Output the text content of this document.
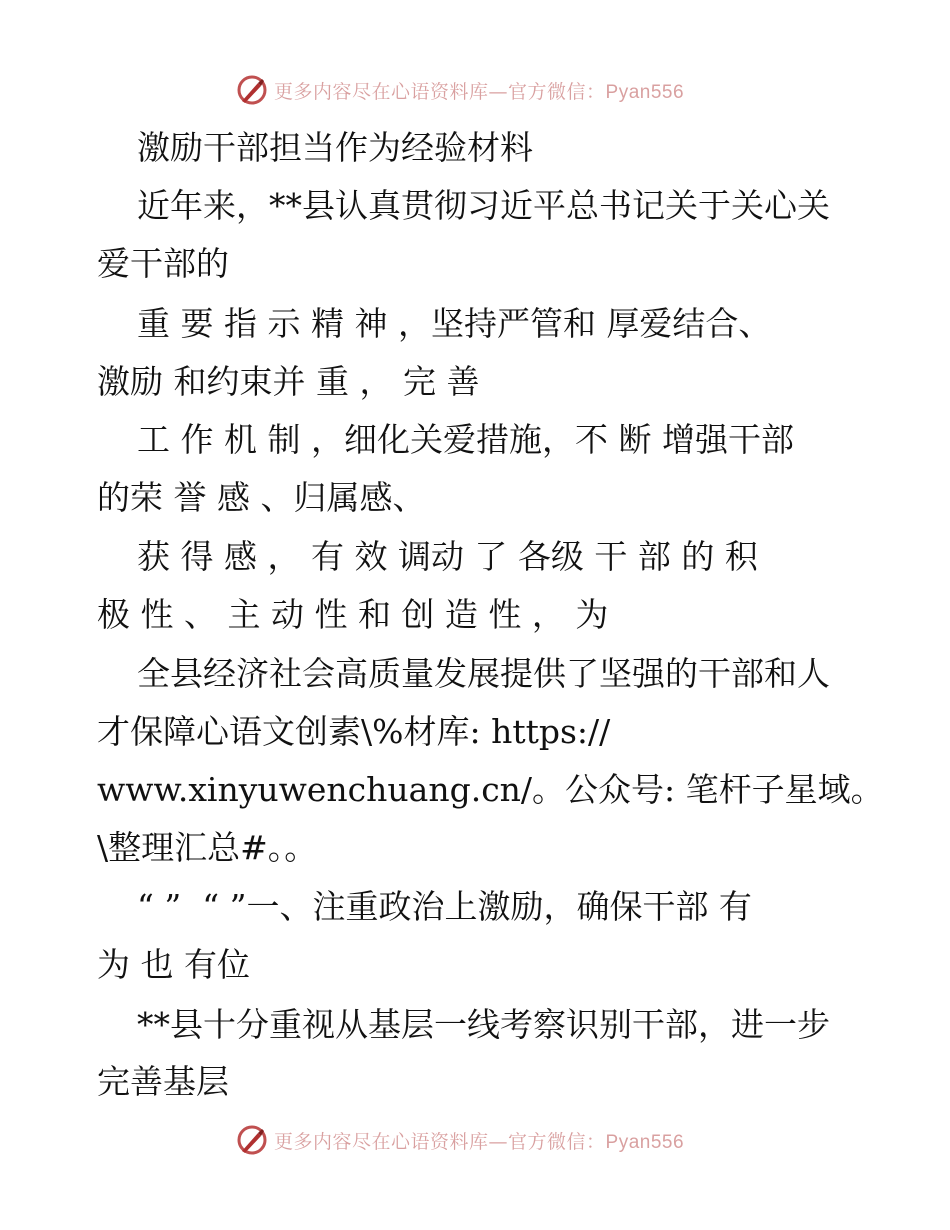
更多内容尽在心语资料库—官方微信：Pyan556
激励干部担当作为经验材料
近年来，**县认真贯彻习近平总书记关于关心关
爱干部的
重 要 指 示 精 神 ，坚持严管和 厚爱结合、
激励 和约束并 重 ， 完 善
工 作 机 制 ，细化关爱措施，不 断 增强干部
的荣 誉 感 、归属感、
获 得 感 ， 有 效 调动 了 各级 干 部 的 积
极 性 、 主 动 性 和 创 造 性 ， 为
全县经济社会高质量发展提供了坚强的干部和人
才保障心语文创素\%材库: https://
www.xinyuwenchuang.cn/。公众号: 笔杆子星域。
\整理汇总#。。
“ ”  “ ”一、注重政治上激励，确保干部 有
为 也 有位
**县十分重视从基层一线考察识别干部，进一步
完善基层
更多内容尽在心语资料库—官方微信：Pyan556
